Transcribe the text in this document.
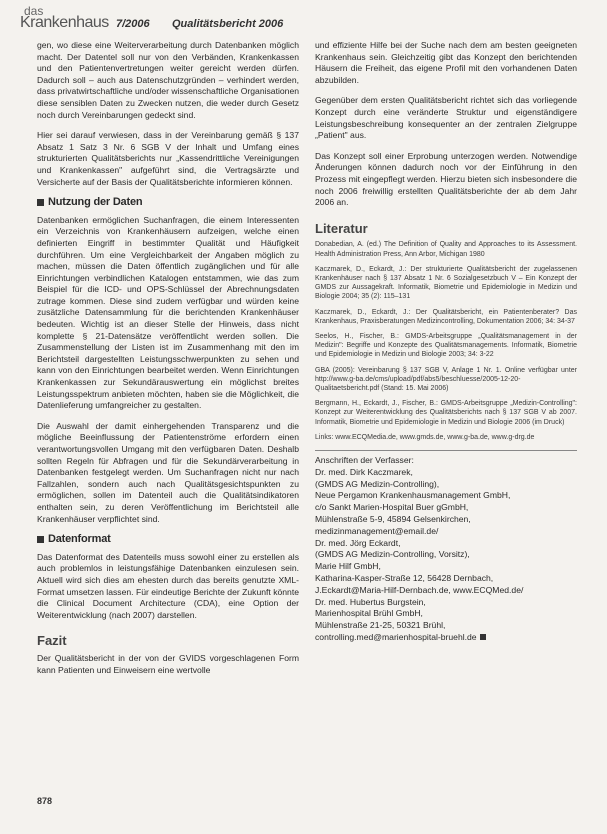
das
Krankenhaus 7/2006 Qualitätsbericht 2006

gen, wo diese eine Weiterverarbeitung durch Datenbanken möglich macht. Der Datentel soll nur von den Verbänden, Krankenkassen und den Patientenvertretungen weiter gereicht werden dürfen. Dadurch soll – auch aus Datenschutzgründen – verhindert werden, dass privatwirtschaftliche und/oder wissenschaftliche Organisationen diese sensiblen Daten zu Zwecken nutzen, die weder durch Gesetz noch durch Vereinbarungen gedeckt sind.

Hier sei darauf verwiesen, dass in der Vereinbarung gemäß § 137 Absatz 1 Satz 3 Nr. 6 SGB V der Inhalt und Umfang eines strukturierten Qualitätsberichts nur „Kassendrittliche Vereinigungen und Krankenkassen" aufgeführt sind, die Vertragsärzte und Versicherte auf der Basis der Qualitätsberichte informieren können.

Nutzung der Daten

Datenbanken ermöglichen Suchanfragen, die einem Interessenten ein Verzeichnis von Krankenhäusern aufzeigen, welche einen definierten Eingriff in bestimmter Qualität und Häufigkeit durchführen. Um eine Vergleichbarkeit der Angaben möglich zu machen, müssen die Daten öffentlich zugänglichen und für alle Einrichtungen verbindlichen Katalogen entstammen, wie das zum Beispiel für die ICD- und OPS-Schlüssel der Abrechnungsdaten zutrage kommen. Diese sind zudem verfügbar und würden keine zusätzliche Datensammlung für die berichtenden Krankenhäuser bedeuten. Wichtig ist an dieser Stelle der Hinweis, dass nicht komplette § 21-Datensätze veröffentlicht werden sollen. Die Zusammenstellung der Listen ist im Zusammenhang mit den im Berichtsteil dargestellten Leistungsschwerpunkten zu sehen und kann von den Einrichtungen bearbeitet werden. Wenn Einrichtungen Krankenkassen zur Sekundärauswertung ein möglichst breites Leistungsspektrum anbieten möchten, haben sie die Möglichkeit, die Datenlieferung umfangreicher zu gestalten.

Die Auswahl der damit einhergehenden Transparenz und die mögliche Beeinflussung der Patientenströme erfordern einen verantwortungsvollen Umgang mit den verfügbaren Daten. Deshalb sollten Regeln für Abfragen und für die Sekundärverarbeitung in Datenbanken festgelegt werden. Um Suchanfragen nicht nur nach Fallzahlen, sondern auch nach Qualitätsgesichtspunkten zu ermöglichen, sollen im Datenteil auch die Qualitätsindikatoren enthalten sein, zu deren Veröffentlichung im Berichtsteil alle Krankenhäuser verpflichtet sind.

Datenformat

Das Datenformat des Datenteils muss sowohl einer zu erstellen als auch problemlos in leistungsfähige Datenbanken einzulesen sein. Aktuell wird sich dies am ehesten durch das bereits genutzte XML-Format umsetzen lassen. Für eindeutige Berichte der Zukunft könnte die Clinical Document Architecture (CDA), eine Option der Weiterentwicklung (nach 2007) darstellen.

Fazit

Der Qualitätsbericht in der von der GVIDS vorgeschlagenen Form kann Patienten und Einweisern eine wertvolle

und effiziente Hilfe bei der Suche nach dem am besten geeigneten Krankenhaus sein. Gleichzeitig gibt das Konzept den berichtenden Häusern die Freiheit, das eigene Profil mit den vorhandenen Daten abzubilden.

Gegenüber dem ersten Qualitätsbericht richtet sich das vorliegende Konzept durch eine veränderte Struktur und eigenständigere Leistungsbeschreibung konsequenter an der zentralen Zielgruppe „Patient" aus.

Das Konzept soll einer Erprobung unterzogen werden. Notwendige Änderungen können dadurch noch vor der Einführung in den Prozess mit eingepflegt werden. Hierzu bieten sich insbesondere die noch 2006 freiwillig erstellten Qualitätsberichte der ab dem Jahr 2006 an.

Literatur
Donabedian, A. (ed.) The Definition of Quality and Approaches to its Assessment. Health Administration Press, Ann Arbor, Michigan 1980
Kaczmarek, D., Eckardt, J.: Der strukturierte Qualitätsbericht der zugelassenen Krankenhäuser nach § 137 Absatz 1 Nr. 6 Sozialgesetzbuch V – Ein Konzept der GMDS zur Aussagekraft. Informatik, Biometrie und Epidemiologie in Medizin und Biologie 2004; 35 (2): 115–131
Kaczmarek, D., Eckardt, J.: Der Qualitätsbericht, ein Patientenberater? Das Krankenhaus, Praxisberatungen Medizincontrolling, Dokumentation 2006; 34: 34-37
Seelos, H., Fischer, B.: GMDS-Arbeitsgruppe „Qualitätsmanagement in der Medizin": Begriffe und Konzepte des Qualitätsmanagements. Informatik, Biometrie und Epidemiologie in Medizin und Biologie 2003; 34: 3-22
GBA (2005): Vereinbarung § 137 SGB V, Anlage 1 Nr. 1. Online verfügbar unter http://www.g-ba.de/cms/upload/pdf/abs5/beschluesse/2005-12-20-Qualitaetsbericht.pdf (Stand: 15. Mai 2006)
Bergmann, H., Eckardt, J., Fischer, B.: GMDS-Arbeitsgruppe „Medizin-Controlling": Konzept zur Weiterentwicklung des Qualitätsberichts nach § 137 SGB V ab 2007. Informatik, Biometrie und Epidemiologie in Medizin und Biologie 2006 (im Druck)
Links: www.ECQMedia.de, www.gmds.de, www.g-ba.de, www.g-drg.de
Anschriften der Verfasser:
Dr. med. Dirk Kaczmarek,
(GMDS AG Medizin-Controlling),
Neue Pergamon Krankenhausmanagement GmbH,
c/o Sankt Marien-Hospital Buer gGmbH,
Mühlenstraße 5-9, 45894 Gelsenkirchen,
medizinmanagement@email.de/
Dr. med. Jörg Eckardt,
(GMDS AG Medizin-Controlling, Vorsitz),
Marie Hilf GmbH,
Katharina-Kasper-Straße 12, 56428 Dernbach,
J.Eckardt@Maria-Hilf-Dernbach.de, www.ECQMed.de/
Dr. med. Hubertus Burgstein,
Marienhospital Brühl GmbH,
Mühlenstraße 21-25, 50321 Brühl,
controlling.med@marienhospital-bruehl.de
878
